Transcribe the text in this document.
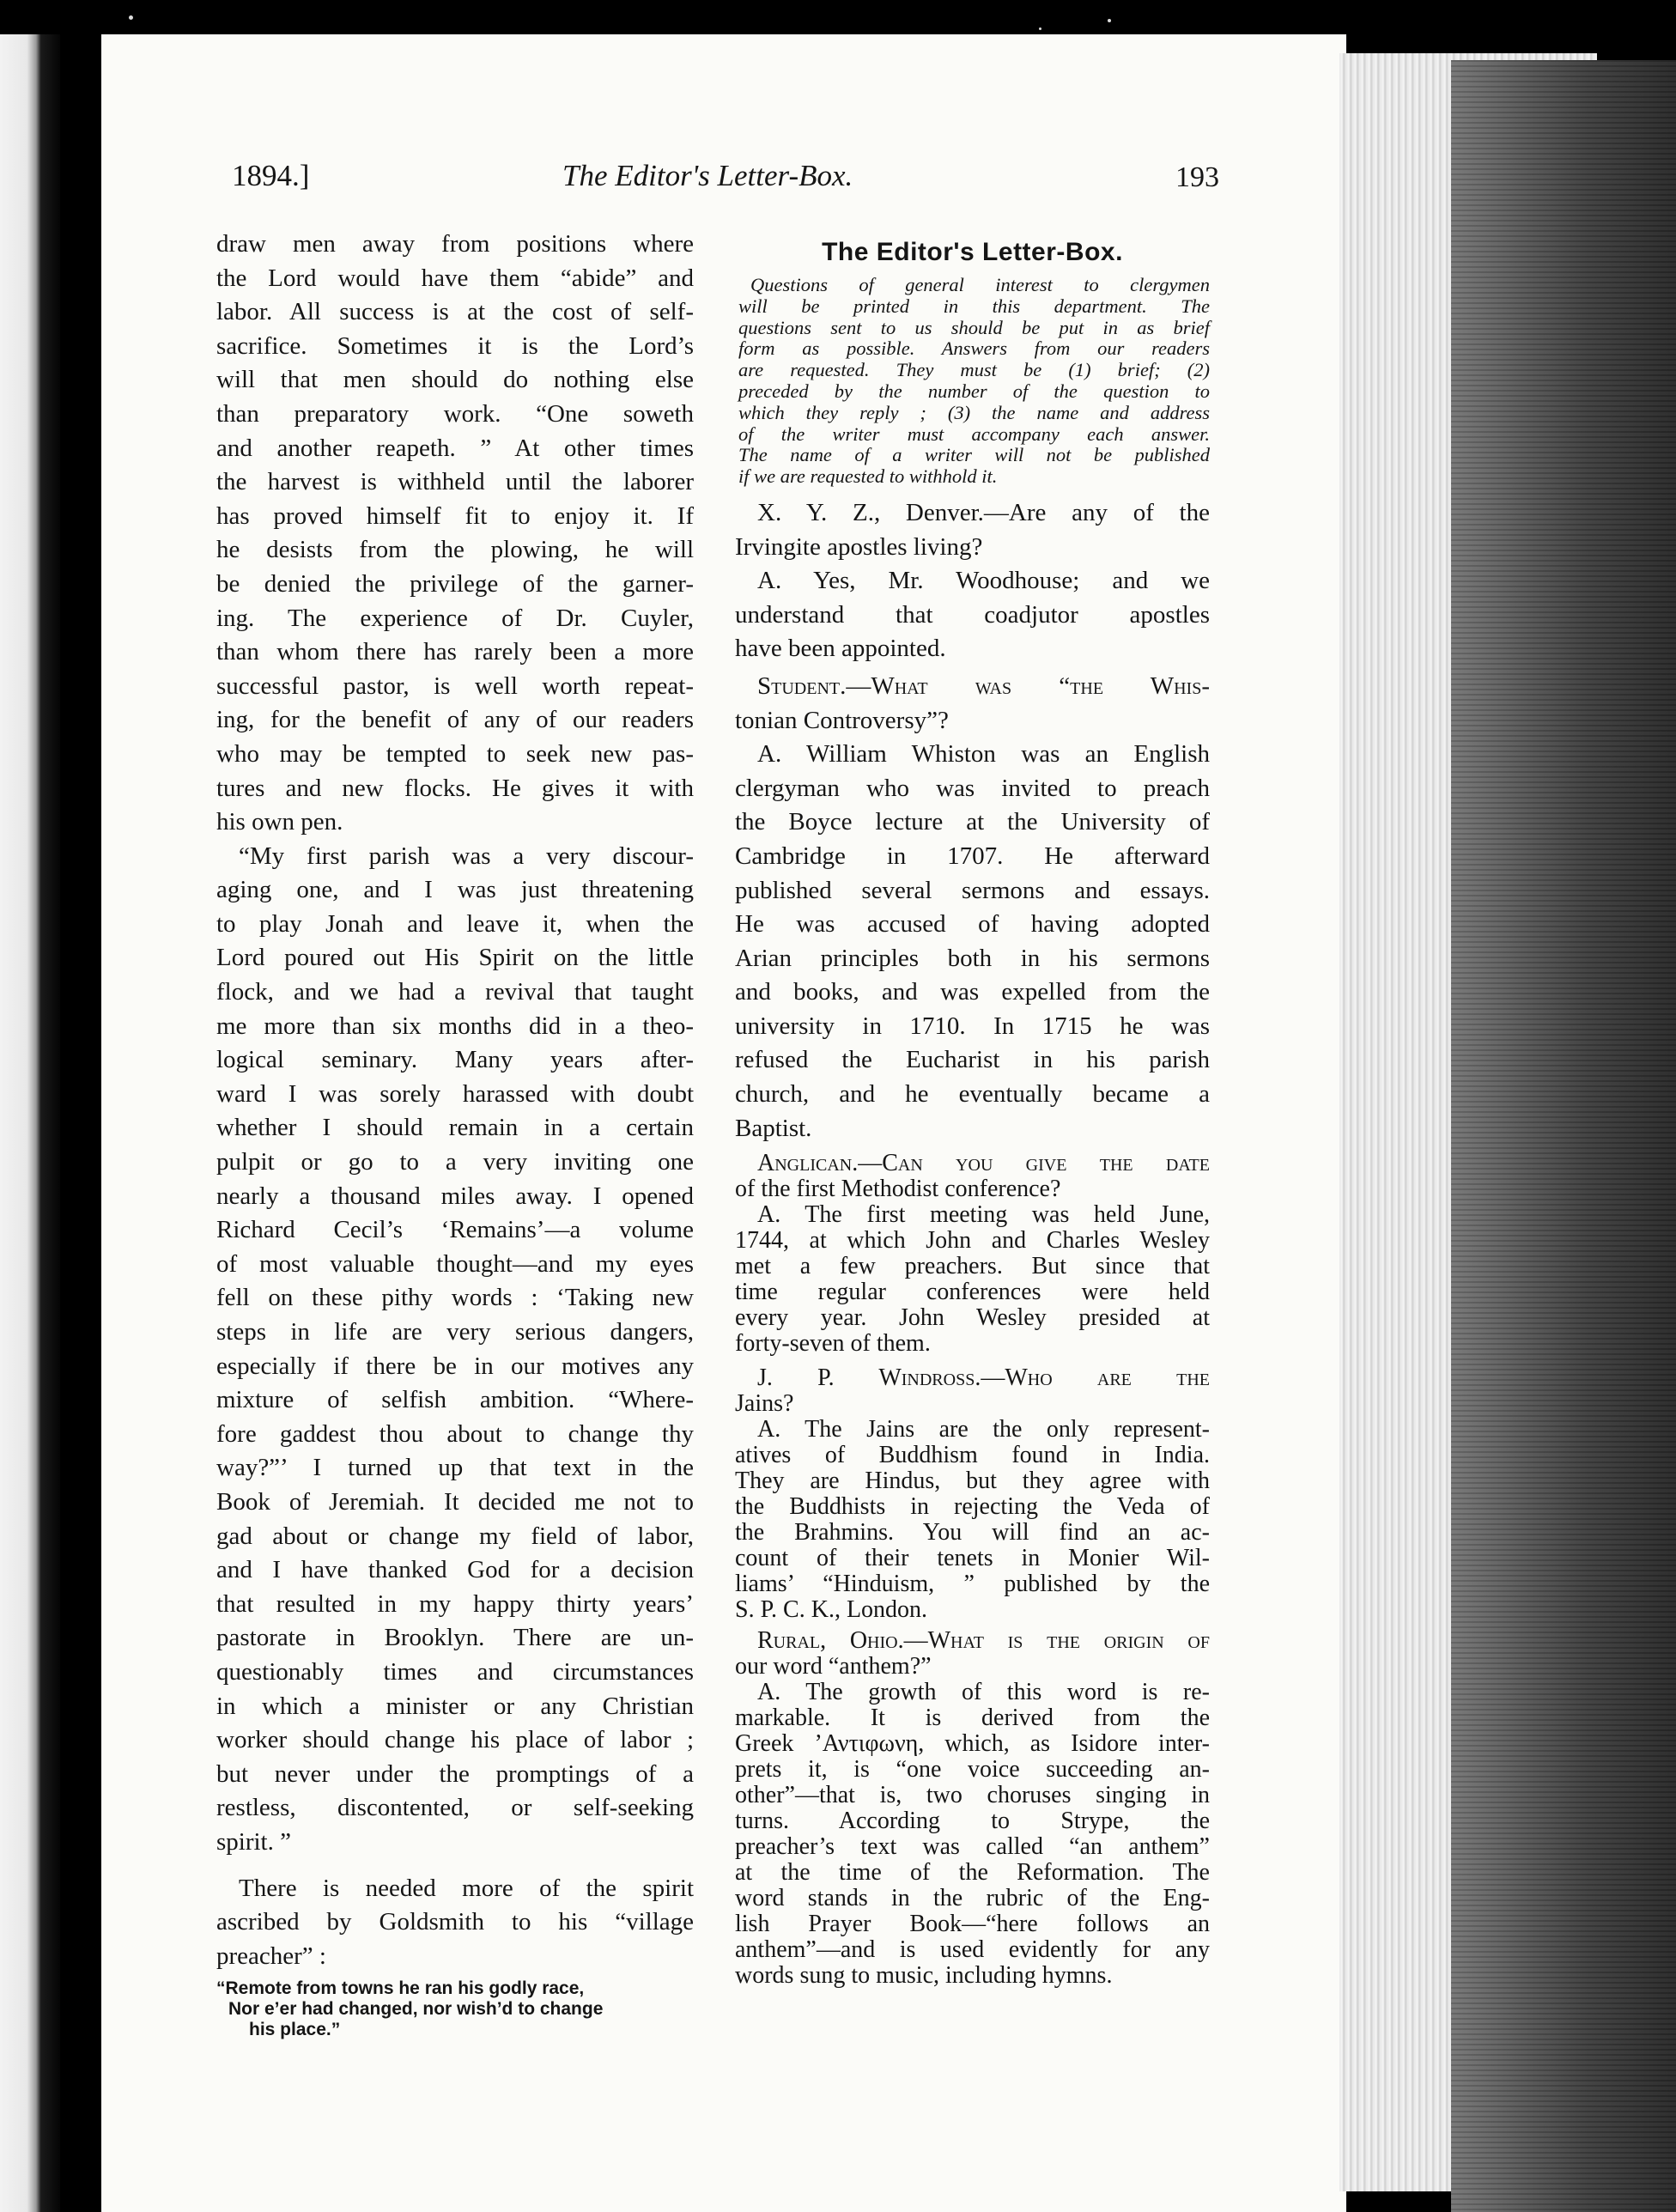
1894.]	The Editor's Letter-Box.	193
draw men away from positions where
the Lord would have them “abide” and
labor. All success is at the cost of self-
sacrifice. Sometimes it is the Lord’s
will that men should do nothing else
than preparatory work. “One soweth
and another reapeth. ” At other times
the harvest is withheld until the laborer
has proved himself fit to enjoy it. If
he desists from the plowing, he will
be denied the privilege of the garner-
ing. The experience of Dr. Cuyler,
than whom there has rarely been a more
successful pastor, is well worth repeat-
ing, for the benefit of any of our readers
who may be tempted to seek new pas-
tures and new flocks. He gives it with
his own pen.
“My first parish was a very discour-
aging one, and I was just threatening
to play Jonah and leave it, when the
Lord poured out His Spirit on the little
flock, and we had a revival that taught
me more than six months did in a theo-
logical seminary. Many years after-
ward I was sorely harassed with doubt
whether I should remain in a certain
pulpit or go to a very inviting one
nearly a thousand miles away. I opened
Richard Cecil’s ‘Remains’—a volume
of most valuable thought—and my eyes
fell on these pithy words : ‘Taking new
steps in life are very serious dangers,
especially if there be in our motives any
mixture of selfish ambition. “Where-
fore gaddest thou about to change thy
way?”’ I turned up that text in the
Book of Jeremiah. It decided me not to
gad about or change my field of labor,
and I have thanked God for a decision
that resulted in my happy thirty years’
pastorate in Brooklyn. There are un-
questionably times and circumstances
in which a minister or any Christian
worker should change his place of labor ;
but never under the promptings of a
restless, discontented, or self-seeking
spirit. ”
There is needed more of the spirit
ascribed by Goldsmith to his “village
preacher” :
“Remote from towns he ran his godly race,
Nor e’er had changed, nor wish’d to change
his place.”
The Editor's Letter-Box.
Questions of general interest to clergymen
will be printed in this department. The
questions sent to us should be put in as brief
form as possible. Answers from our readers
are requested. They must be (1) brief; (2)
preceded by the number of the question to
which they reply ; (3) the name and address
of the writer must accompany each answer.
The name of a writer will not be published
if we are requested to withhold it.
X. Y. Z., Denver.—Are any of the
Irvingite apostles living?
A. Yes, Mr. Woodhouse; and we
understand that coadjutor apostles
have been appointed.
Student.—What was “the Whis-
tonian Controversy”?
A. William Whiston was an English
clergyman who was invited to preach
the Boyce lecture at the University of
Cambridge in 1707. He afterward
published several sermons and essays.
He was accused of having adopted
Arian principles both in his sermons
and books, and was expelled from the
university in 1710. In 1715 he was
refused the Eucharist in his parish
church, and he eventually became a
Baptist.
Anglican.—Can you give the date
of the first Methodist conference?
A. The first meeting was held June,
1744, at which John and Charles Wesley
met a few preachers. But since that
time regular conferences were held
every year. John Wesley presided at
forty-seven of them.
J. P. Windross.—Who are the
Jains?
A. The Jains are the only represent-
atives of Buddhism found in India.
They are Hindus, but they agree with
the Buddhists in rejecting the Veda of
the Brahmins. You will find an ac-
count of their tenets in Monier Wil-
liams’ “Hinduism, ” published by the
S. P. C. K., London.
Rural, Ohio.—What is the origin of
our word “anthem?”
A. The growth of this word is re-
markable. It is derived from the
Greek ’Αντιφωνη, which, as Isidore inter-
prets it, is “one voice succeeding an-
other”—that is, two choruses singing in
turns. According to Strype, the
preacher’s text was called “an anthem”
at the time of the Reformation. The
word stands in the rubric of the Eng-
lish Prayer Book—“here follows an
anthem”—and is used evidently for any
words sung to music, including hymns.
